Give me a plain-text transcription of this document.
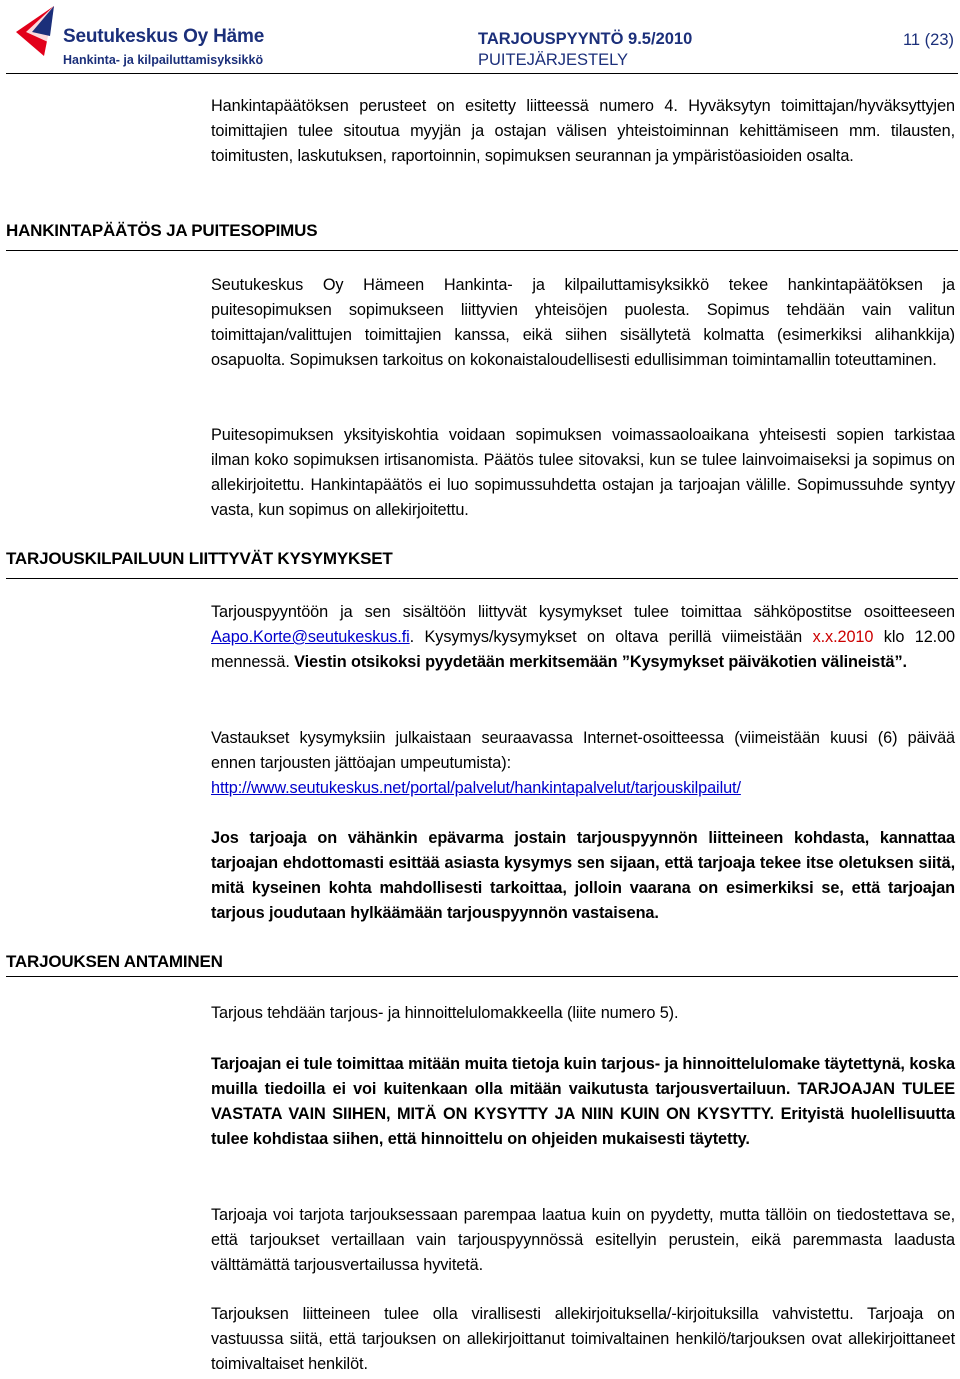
Seutukeskus Oy Häme
Hankinta- ja kilpailuttamisyksikkö
TARJOUSPYYNTÖ 9.5/2010
PUITEJÄRJESTELY
11 (23)
Hankintapäätöksen perusteet on esitetty liitteessä numero 4. Hyväksytyn toimittajan/hyväksyttyjen toimittajien tulee sitoutua myyjän ja ostajan välisen yhteistoiminnan kehittämiseen mm. tilausten, toimitusten, laskutuksen, raportoinnin, sopimuksen seurannan ja ympäristöasioiden osalta.
HANKINTAPÄÄTÖS JA PUITESOPIMUS
Seutukeskus Oy Hämeen Hankinta- ja kilpailuttamisyksikkö tekee hankintapäätöksen ja puitesopimuksen sopimukseen liittyvien yhteisöjen puolesta. Sopimus tehdään vain valitun toimittajan/valittujen toimittajien kanssa, eikä siihen sisällytetä kolmatta (esimerkiksi alihankkija) osapuolta. Sopimuksen tarkoitus on kokonaistaloudellisesti edullisimman toimintamallin toteuttaminen.
Puitesopimuksen yksityiskohtia voidaan sopimuksen voimassaoloaikana yhteisesti sopien tarkistaa ilman koko sopimuksen irtisanomista. Päätös tulee sitovaksi, kun se tulee lainvoimaiseksi ja sopimus on allekirjoitettu. Hankintapäätös ei luo sopimussuhdetta ostajan ja tarjoajan välille. Sopimussuhde syntyy vasta, kun sopimus on allekirjoitettu.
TARJOUSKILPAILUUN LIITTYVÄT KYSYMYKSET
Tarjouspyyntöön ja sen sisältöön liittyvät kysymykset tulee toimittaa sähköpostitse osoitteeseen Aapo.Korte@seutukeskus.fi. Kysymys/kysymykset on oltava perillä viimeistään x.x.2010 klo 12.00 mennessä. Viestin otsikoksi pyydetään merkitsemään ”Kysymykset päiväkotien välineistä”.
Vastaukset kysymyksiin julkaistaan seuraavassa Internet-osoitteessa (viimeistään kuusi (6) päivää ennen tarjousten jättöajan umpeutumista):
http://www.seutukeskus.net/portal/palvelut/hankintapalvelut/tarjouskilpailut/
Jos tarjoaja on vähänkin epävarma jostain tarjouspyynnön liitteineen kohdasta, kannattaa tarjoajan ehdottomasti esittää asiasta kysymys sen sijaan, että tarjoaja tekee itse oletuksen siitä, mitä kyseinen kohta mahdollisesti tarkoittaa, jolloin vaarana on esimerkiksi se, että tarjoajan tarjous joudutaan hylkäämään tarjouspyynnön vastaisena.
TARJOUKSEN ANTAMINEN
Tarjous tehdään tarjous- ja hinnoittelulomakkeella (liite numero 5).
Tarjoajan ei tule toimittaa mitään muita tietoja kuin tarjous- ja hinnoittelulomake täytettynä, koska muilla tiedoilla ei voi kuitenkaan olla mitään vaikutusta tarjousvertailuun. TARJOAJAN TULEE VASTATA VAIN SIIHEN, MITÄ ON KYSYTTY JA NIIN KUIN ON KYSYTTY. Erityistä huolellisuutta tulee kohdistaa siihen, että hinnoittelu on ohjeiden mukaisesti täytetty.
Tarjoaja voi tarjota tarjouksessaan parempaa laatua kuin on pyydetty, mutta tällöin on tiedostettava se, että tarjoukset vertaillaan vain tarjouspyynnössä esitellyin perustein, eikä paremmasta laadusta välttämättä tarjousvertailussa hyvitetä.
Tarjouksen liitteineen tulee olla virallisesti allekirjoituksella/-kirjoituksilla vahvistettu. Tarjoaja on vastuussa siitä, että tarjouksen on allekirjoittanut toimivaltainen henkilö/tarjouksen ovat allekirjoittaneet toimivaltaiset henkilöt.
